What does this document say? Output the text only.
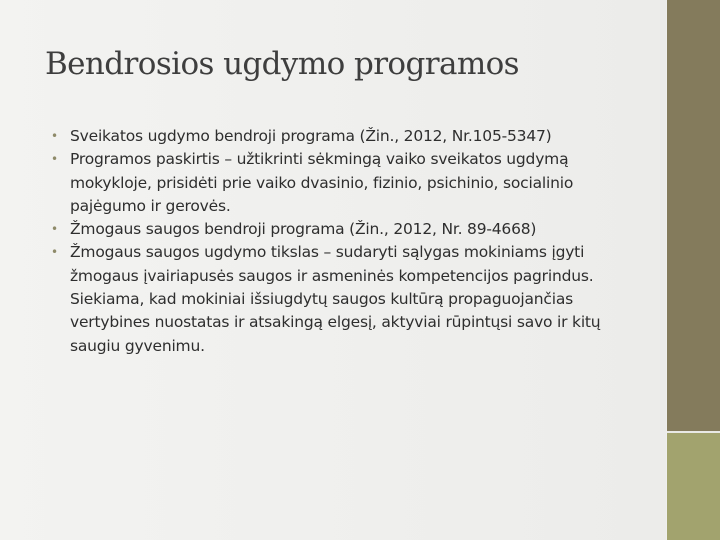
Bendrosios ugdymo programos
• Sveikatos ugdymo bendroji programa (Žin., 2012, Nr.105-5347)
• Programos paskirtis – užtikrinti sėkmingą vaiko sveikatos ugdymą mokykloje, prisidėti prie vaiko dvasinio, fizinio, psichinio, socialinio pajėgumo ir gerovės.
• Žmogaus saugos bendroji programa (Žin., 2012, Nr. 89-4668)
• Žmogaus saugos ugdymo tikslas – sudaryti sąlygas mokiniams įgyti žmogaus įvairiapusės saugos ir asmeninės kompetencijos pagrindus. Siekiama, kad mokiniai išsiugdytų saugos kultūrą propaguojančias vertybines nuostatas ir atsakingą elgesį, aktyviai rūpintųsi savo ir kitų saugiu gyvenimu.
